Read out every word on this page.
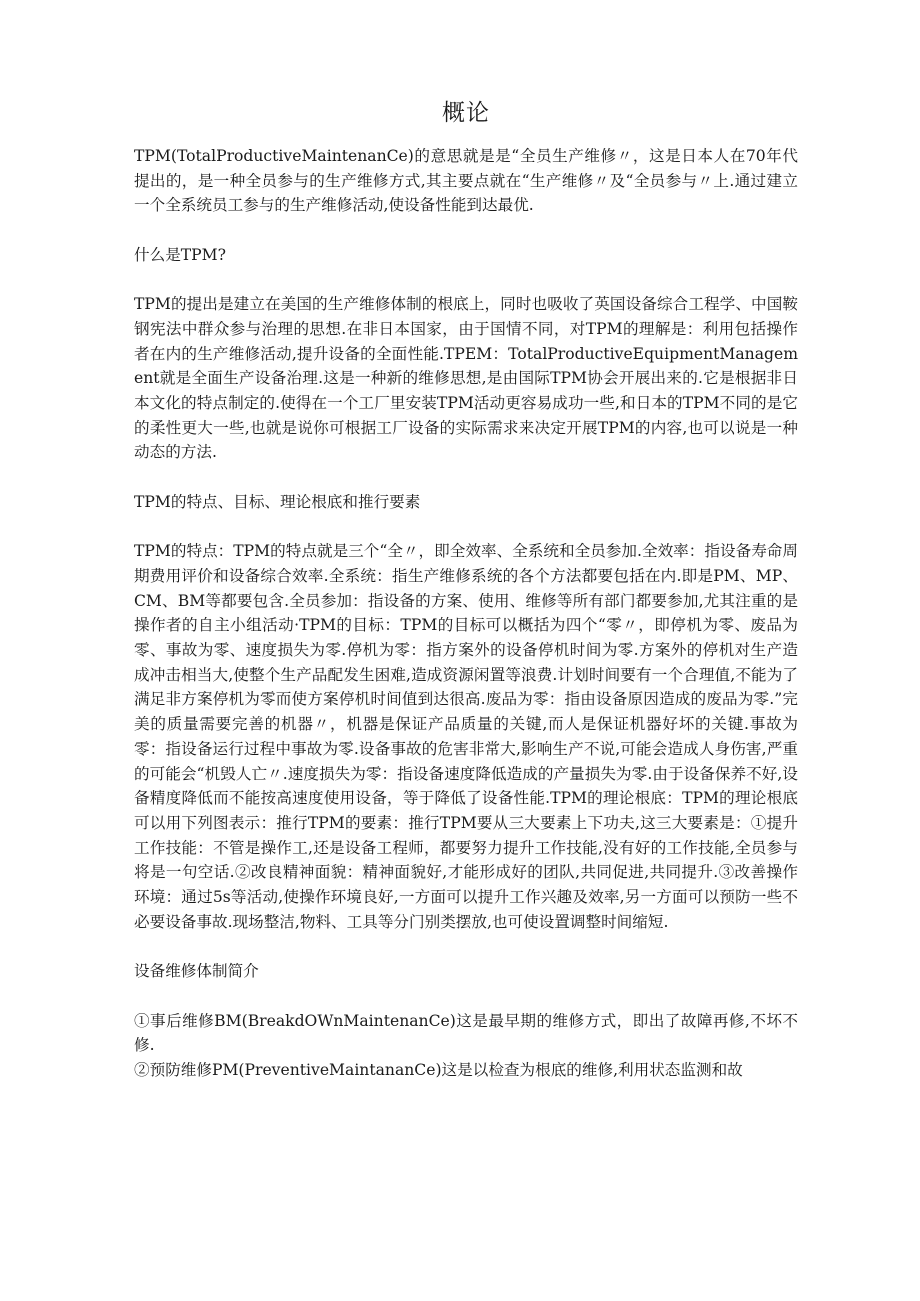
概论

TPM(TotalProductiveMaintenanCe)的意思就是是“全员生产维修〃，这是日本人在70年代提出的，是一种全员参与的生产维修方式,其主要点就在“生产维修〃及“全员参与〃上.通过建立一个全系统员工参与的生产维修活动,使设备性能到达最优.

什么是TPM?

TPM的提出是建立在美国的生产维修体制的根底上，同时也吸收了英国设备综合工程学、中国鞍钢宪法中群众参与治理的思想.在非日本国家，由于国情不同，对TPM的理解是：利用包括操作者在内的生产维修活动,提升设备的全面性能.TPEM：TotalProductiveEquipmentManagement就是全面生产设备治理.这是一种新的维修思想,是由国际TPM协会开展出来的.它是根据非日本文化的特点制定的.使得在一个工厂里安装TPM活动更容易成功一些,和日本的TPM不同的是它的柔性更大一些,也就是说你可根据工厂设备的实际需求来决定开展TPM的内容,也可以说是一种动态的方法.

TPM的特点、目标、理论根底和推行要素

TPM的特点：TPM的特点就是三个“全〃，即全效率、全系统和全员参加.全效率：指设备寿命周期费用评价和设备综合效率.全系统：指生产维修系统的各个方法都要包括在内.即是PM、MP、CM、BM等都要包含.全员参加：指设备的方案、使用、维修等所有部门都要参加,尤其注重的是操作者的自主小组活动·TPM的目标：TPM的目标可以概括为四个“零〃，即停机为零、废品为零、事故为零、速度损失为零.停机为零：指方案外的设备停机时间为零.方案外的停机对生产造成冲击相当大,使整个生产品配发生困难,造成资源闲置等浪费.计划时间要有一个合理值,不能为了满足非方案停机为零而使方案停机时间值到达很高.废品为零：指由设备原因造成的废品为零.”完美的质量需要完善的机器〃，机器是保证产品质量的关键,而人是保证机器好坏的关键.事故为零：指设备运行过程中事故为零.设备事故的危害非常大,影响生产不说,可能会造成人身伤害,严重的可能会“机毁人亡〃.速度损失为零：指设备速度降低造成的产量损失为零.由于设备保养不好,设备精度降低而不能按高速度使用设备，等于降低了设备性能.TPM的理论根底：TPM的理论根底可以用下列图表示：推行TPM的要素：推行TPM要从三大要素上下功夫,这三大要素是：①提升工作技能：不管是操作工,还是设备工程师，都要努力提升工作技能,没有好的工作技能,全员参与将是一句空话.②改良精神面貌：精神面貌好,才能形成好的团队,共同促进,共同提升.③改善操作环境：通过5s等活动,使操作环境良好,一方面可以提升工作兴趣及效率,另一方面可以预防一些不必要设备事故.现场整洁,物料、工具等分门别类摆放,也可使设置调整时间缩短.

设备维修体制简介

①事后维修BM(BreakdOWnMaintenanCe)这是最早期的维修方式，即出了故障再修,不坏不修.

②预防维修PM(PreventiveMaintananCe)这是以检查为根底的维修,利用状态监测和故
